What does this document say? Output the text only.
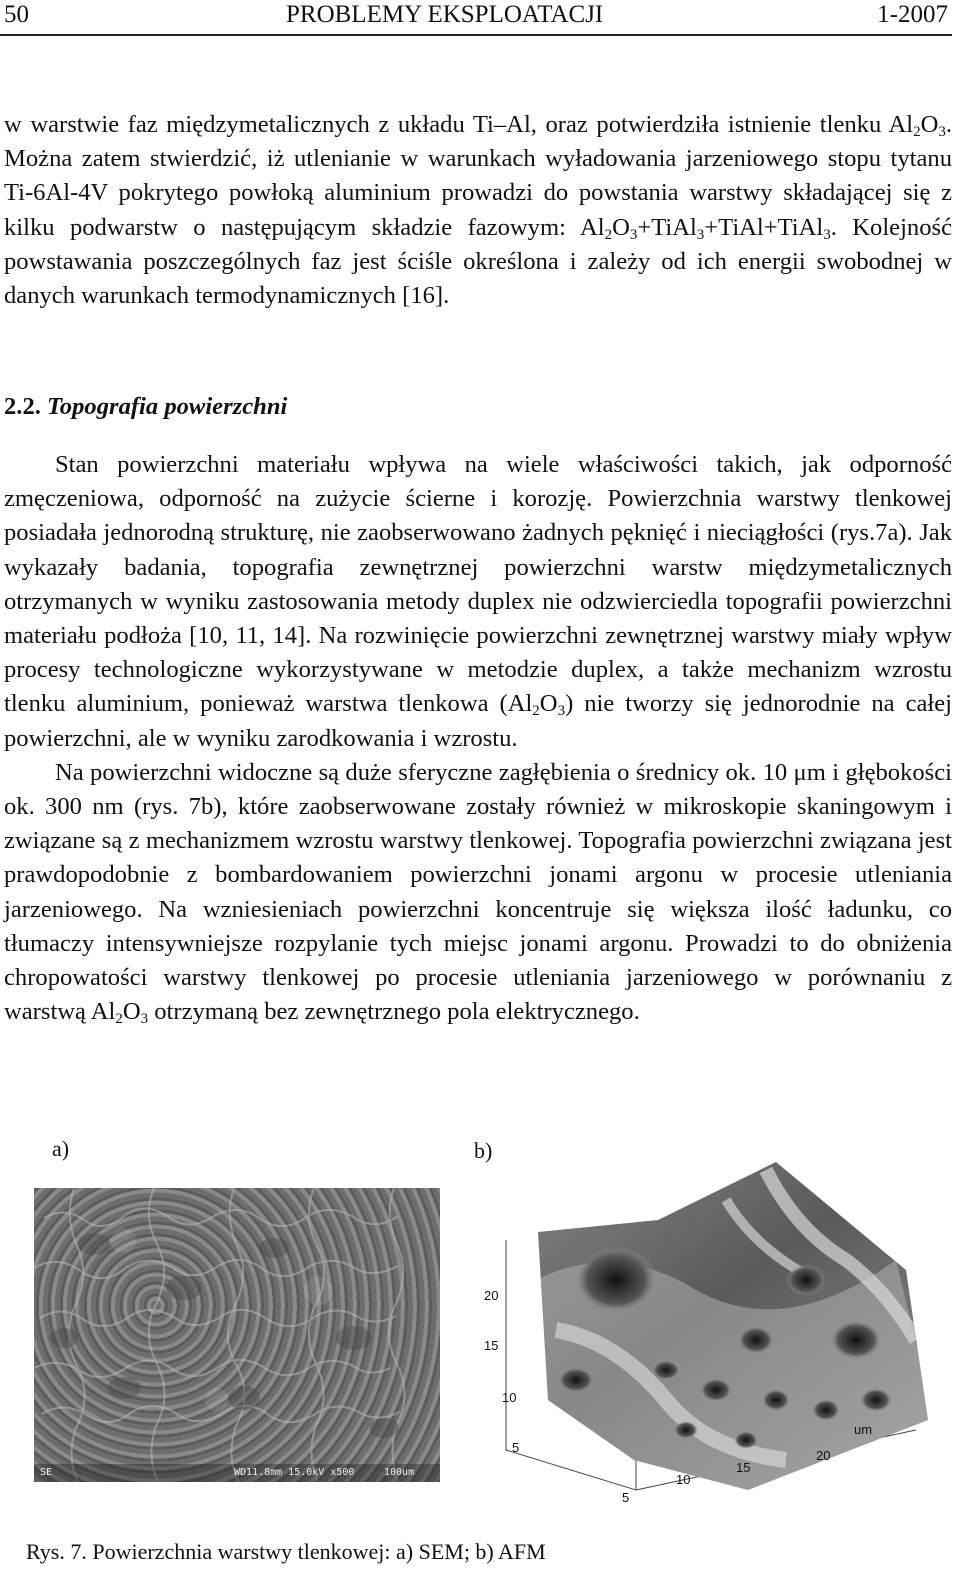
50	PROBLEMY EKSPLOATACJI	1-2007

w warstwie faz międzymetalicznych z układu Ti–Al, oraz potwierdziła istnienie tlenku $Al_2O_3$. Można zatem stwierdzić, iż utlenianie w warunkach wyładowania jarzeniowego stopu tytanu Ti-6Al-4V pokrytego powłoką aluminium prowadzi do powstania warstwy składającej się z kilku podwarstw o następującym składzie fazowym: $Al_2O_3+TiAl_3+TiAl+TiAl_3$. Kolejność powstawania poszczególnych faz jest ściśle określona i zależy od ich energii swobodnej w danych warunkach termodynamicznych [16].

2.2. Topografia powierzchni

Stan powierzchni materiału wpływa na wiele właściwości takich, jak odporność zmęczeniowa, odporność na zużycie ścierne i korozję. Powierzchnia warstwy tlenkowej posiadała jednorodną strukturę, nie zaobserwowano żadnych pęknięć i nieciągłości (rys.7a). Jak wykazały badania, topografia zewnętrznej powierzchni warstw międzymetalicznych otrzymanych w wyniku zastosowania metody duplex nie odzwierciedla topografii powierzchni materiału podłoża [10, 11, 14]. Na rozwinięcie powierzchni zewnętrznej warstwy miały wpływ procesy technologiczne wykorzystywane w metodzie duplex, a także mechanizm wzrostu tlenku aluminium, ponieważ warstwa tlenkowa $(Al_2O_3)$ nie tworzy się jednorodnie na całej powierzchni, ale w wyniku zarodkowania i wzrostu.

Na powierzchni widoczne są duże sferyczne zagłębienia o średnicy ok. 10 μm i głębokości ok. 300 nm (rys. 7b), które zaobserwowane zostały również w mikroskopie skaningowym i związane są z mechanizmem wzrostu warstwy tlenkowej. Topografia powierzchni związana jest prawdopodobnie z bombardowaniem powierzchni jonami argonu w procesie utleniania jarzeniowego. Na wzniesieniach powierzchni koncentruje się większa ilość ładunku, co tłumaczy intensywniejsze rozpylanie tych miejsc jonami argonu. Prowadzi to do obniżenia chropowatości warstwy tlenkowej po procesie utleniania jarzeniowego w porównaniu z warstwą $Al_2O_3$ otrzymaną bez zewnętrznego pola elektrycznego.

a)	b)
SE	WD11.8mm 15.0kV x500	100um
20
15
10
5
20
15
10
5
um
Rys. 7. Powierzchnia warstwy tlenkowej: a) SEM; b) AFM
